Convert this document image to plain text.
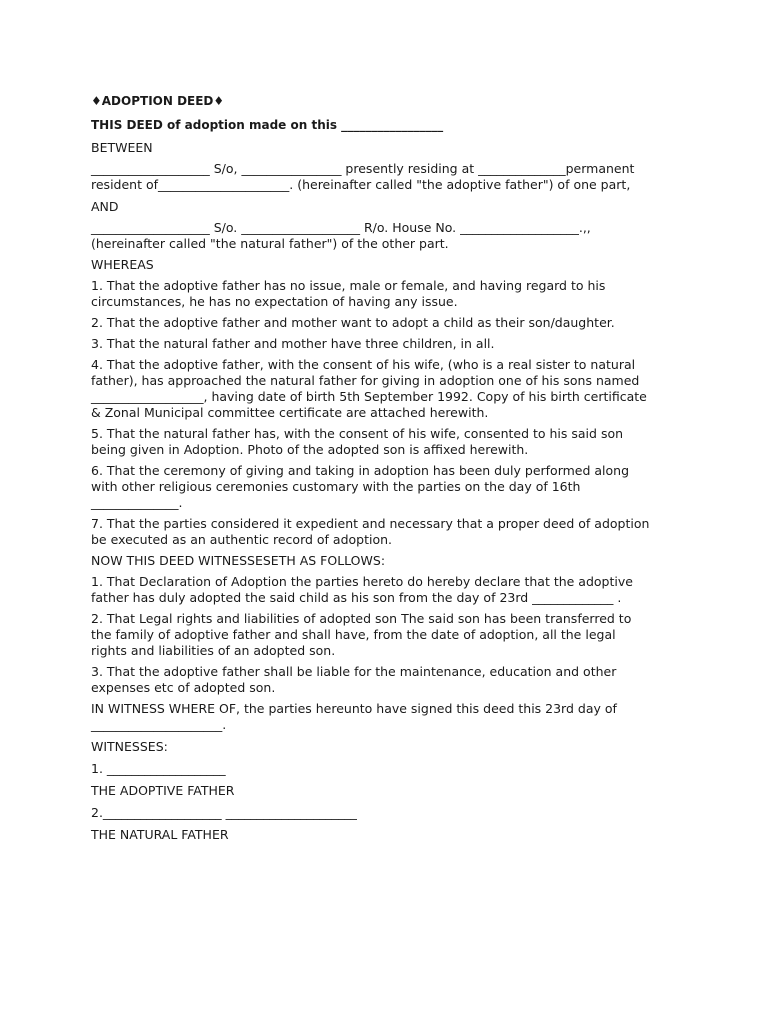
♦ADOPTION DEED♦

THIS DEED of adoption made on this _________________

BETWEEN

___________________ S/o, ________________ presently residing at ______________permanent resident of_____________________. (hereinafter called "the adoptive father") of one part,

AND

___________________ S/o. ___________________ R/o. House No. ___________________.,, (hereinafter called "the natural father") of the other part.

WHEREAS

1. That the adoptive father has no issue, male or female, and having regard to his circumstances, he has no expectation of having any issue.

2. That the adoptive father and mother want to adopt a child as their son/daughter.

3. That the natural father and mother have three children, in all.

4. That the adoptive father, with the consent of his wife, (who is a real sister to natural father), has approached the natural father for giving in adoption one of his sons named __________________, having date of birth 5th September 1992. Copy of his birth certificate & Zonal Municipal committee certificate are attached herewith.

5. That the natural father has, with the consent of his wife, consented to his said son being given in Adoption. Photo of the adopted son is affixed herewith.

6. That the ceremony of giving and taking in adoption has been duly performed along with other religious ceremonies customary with the parties on the day of 16th ______________.

7. That the parties considered it expedient and necessary that a proper deed of adoption be executed as an authentic record of adoption.

NOW THIS DEED WITNESSESETH AS FOLLOWS:

1. That Declaration of Adoption the parties hereto do hereby declare that the adoptive father has duly adopted the said child as his son from the day of 23rd _____________ .

2. That Legal rights and liabilities of adopted son The said son has been transferred to the family of adoptive father and shall have, from the date of adoption, all the legal rights and liabilities of an adopted son.

3. That the adoptive father shall be liable for the maintenance, education and other expenses etc of adopted son.

IN WITNESS WHERE OF, the parties hereunto have signed this deed this 23rd day of _____________________.

WITNESSES:

1. ___________________

THE ADOPTIVE FATHER

2.___________________ _____________________

THE NATURAL FATHER
